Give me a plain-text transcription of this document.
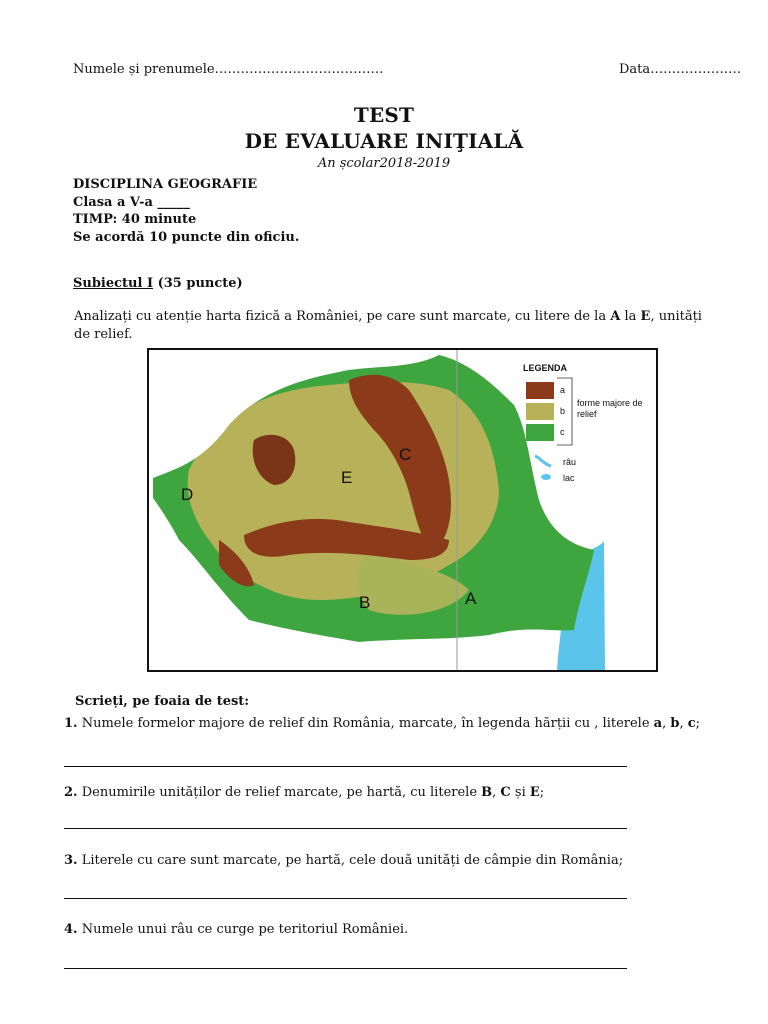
Numele și prenumele…………………………………	Data…………………
TEST
DE EVALUARE INIŢIALĂ
An școlar2018-2019
DISCIPLINA GEOGRAFIE
Clasa a V-a _____
TIMP: 40 minute
Se acordă 10 puncte din oficiu.
Subiectul I (35 puncte)
Analizați cu atenție harta fizică a României, pe care sunt marcate, cu litere de la A la E, unități de relief.
C
E
D
B	A
LEGENDA
a
b
c
forme majore de
relief
râu
lac
Scrieți, pe foaia de test:
1. Numele formelor majore de relief din România, marcate, în legenda hărții cu , literele a, b, c;
2. Denumirile unităților de relief marcate, pe hartă, cu literele B, C și E;
3. Literele cu care sunt marcate, pe hartă, cele două unități de câmpie din România;
4. Numele unui râu ce curge pe teritoriul României.
